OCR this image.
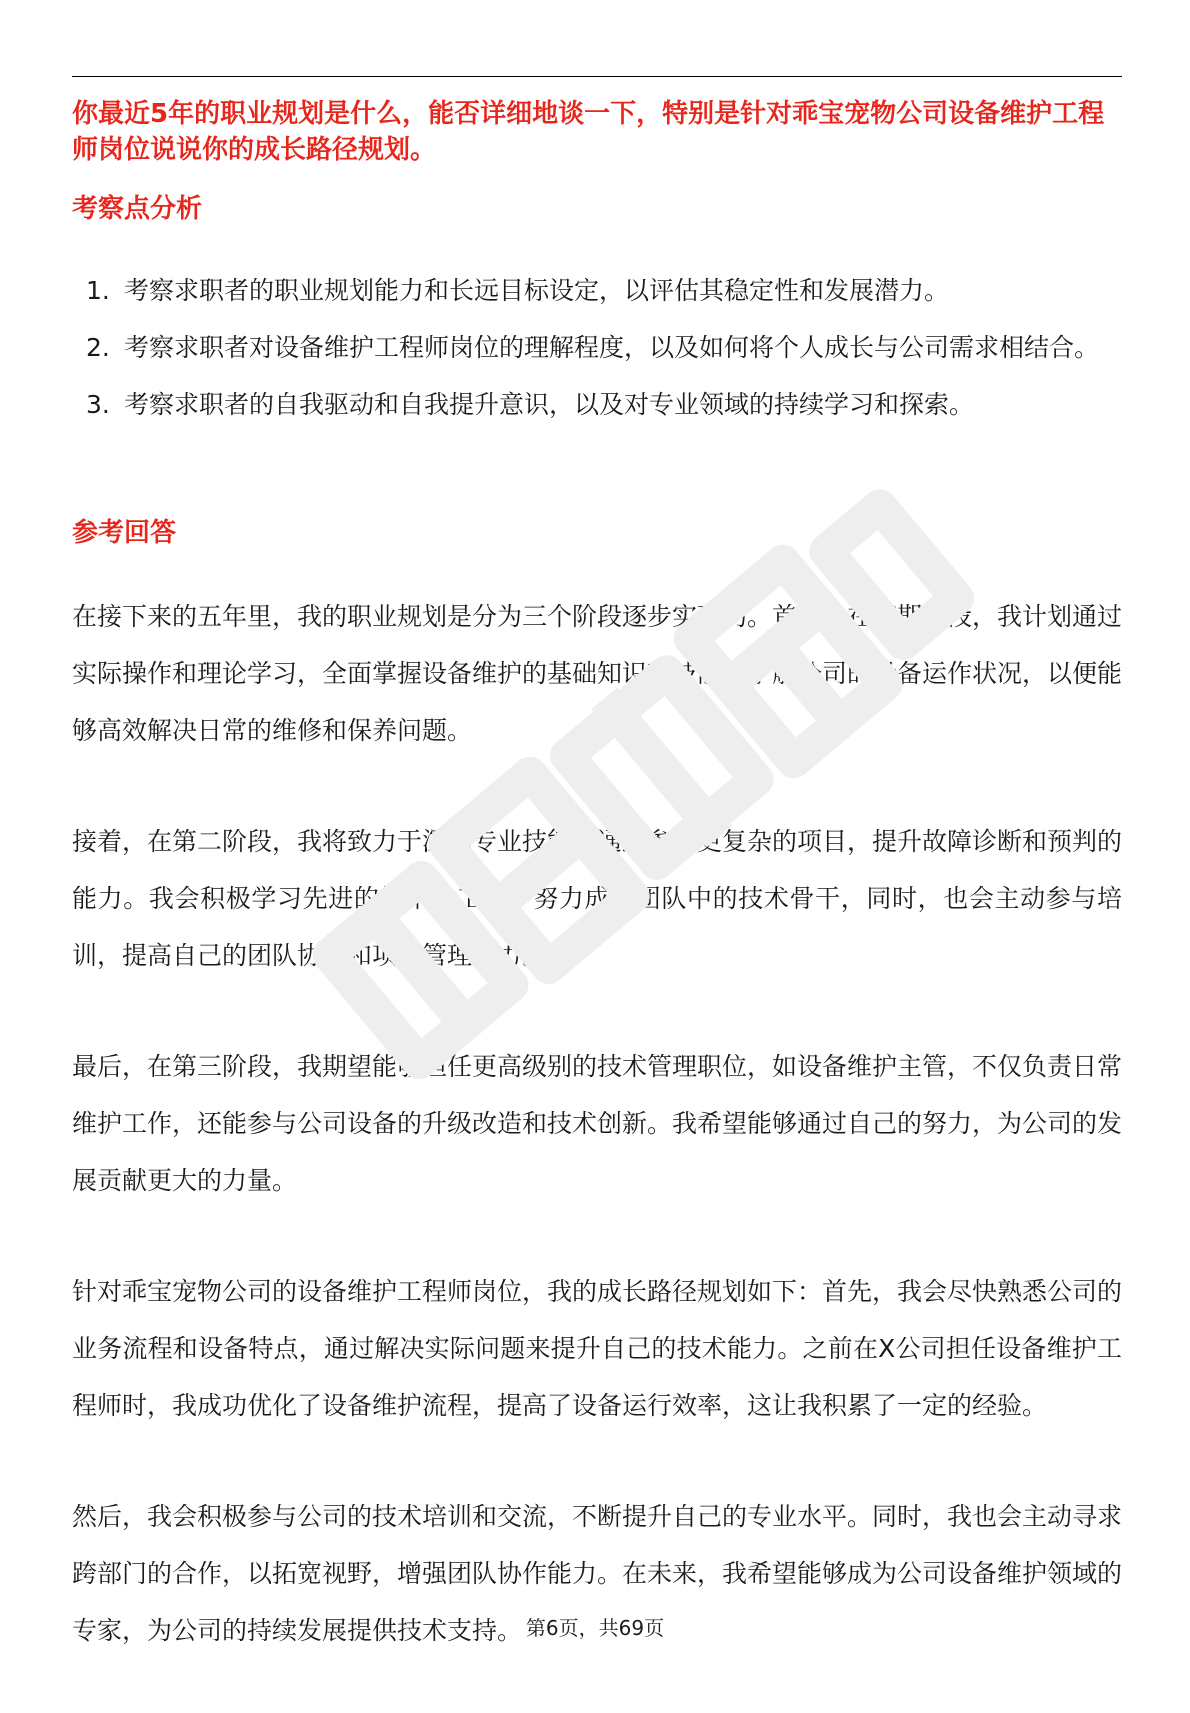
你最近5年的职业规划是什么，能否详细地谈一下，特别是针对乖宝宠物公司设备维护工程师岗位说说你的成长路径规划。

考察点分析
1. 考察求职者的职业规划能力和长远目标设定，以评估其稳定性和发展潜力。
2. 考察求职者对设备维护工程师岗位的理解程度，以及如何将个人成长与公司需求相结合。
3. 考察求职者的自我驱动和自我提升意识，以及对专业领域的持续学习和探索。
参考回答

在接下来的五年里，我的职业规划是分为三个阶段逐步实现的。首先，在初期阶段，我计划通过实际操作和理论学习，全面掌握设备维护的基础知识和技能，了解公司的设备运作状况，以便能够高效解决日常的维修和保养问题。

接着，在第二阶段，我将致力于深化专业技能，通过参与更复杂的项目，提升故障诊断和预判的能力。我会积极学习先进的技术和工艺，努力成为团队中的技术骨干，同时，也会主动参与培训，提高自己的团队协作和项目管理能力。

最后，在第三阶段，我期望能够担任更高级别的技术管理职位，如设备维护主管，不仅负责日常维护工作，还能参与公司设备的升级改造和技术创新。我希望能够通过自己的努力，为公司的发展贡献更大的力量。

针对乖宝宠物公司的设备维护工程师岗位，我的成长路径规划如下：首先，我会尽快熟悉公司的业务流程和设备特点，通过解决实际问题来提升自己的技术能力。之前在X公司担任设备维护工程师时，我成功优化了设备维护流程，提高了设备运行效率，这让我积累了一定的经验。

然后，我会积极参与公司的技术培训和交流，不断提升自己的专业水平。同时，我也会主动寻求跨部门的合作，以拓宽视野，增强团队协作能力。在未来，我希望能够成为公司设备维护领域的专家，为公司的持续发展提供技术支持。 第6页，共69页
